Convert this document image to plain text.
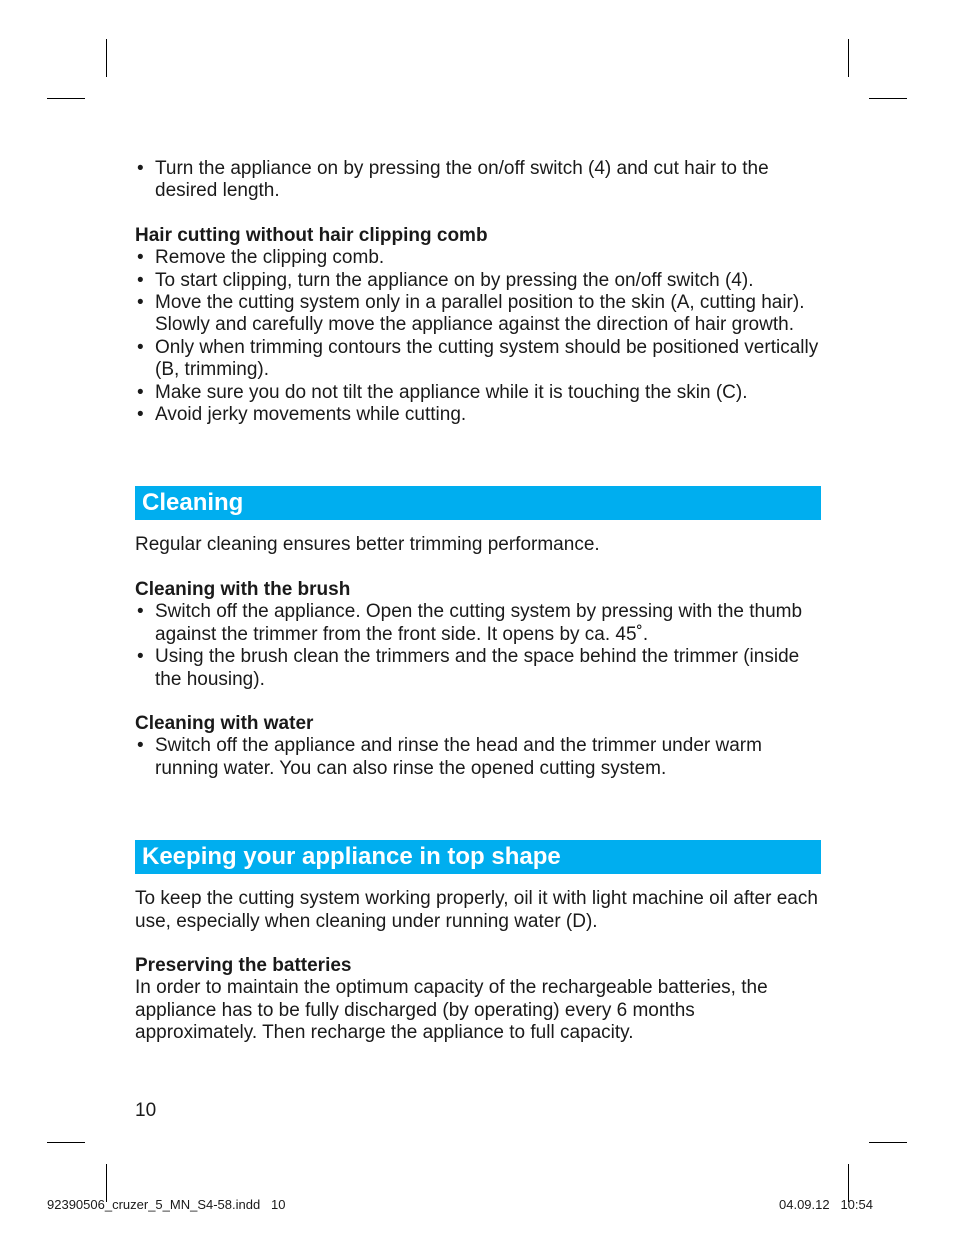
• Turn the appliance on by pressing the on/off switch (4) and cut hair to the desired length.

Hair cutting without hair clipping comb

• Remove the clipping comb.
• To start clipping, turn the appliance on by pressing the on/off switch (4).
• Move the cutting system only in a parallel position to the skin (A, cutting hair). Slowly and carefully move the appliance against the direction of hair growth.
• Only when trimming contours the cutting system should be positioned vertically (B, trimming).
• Make sure you do not tilt the appliance while it is touching the skin (C).
• Avoid jerky movements while cutting.
Cleaning

Regular cleaning ensures better trimming performance.

Cleaning with the brush

• Switch off the appliance. Open the cutting system by pressing with the thumb against the trimmer from the front side. It opens by ca. 45˚.
• Using the brush clean the trimmers and the space behind the trimmer (inside the housing).

Cleaning with water

• Switch off the appliance and rinse the head and the trimmer under warm running water. You can also rinse the opened cutting system.
Keeping your appliance in top shape

To keep the cutting system working properly, oil it with light machine oil after each use, especially when cleaning under running water (D).

Preserving the batteries

In order to maintain the optimum capacity of the rechargeable batteries, the appliance has to be fully discharged (by operating) every 6 months approximately. Then recharge the appliance to full capacity.

10
92390506_cruzer_5_MN_S4-58.indd   10	04.09.12   10:54
